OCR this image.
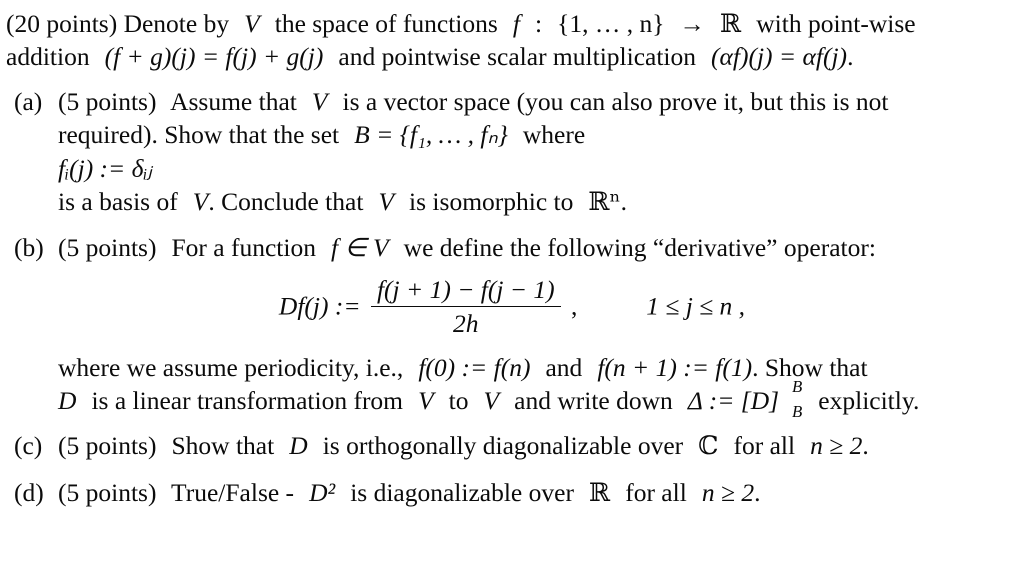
(20 points) Denote by V the space of functions f : {1, … , n} → ℝ with point-wise
addition (f + g)(j) = f(j) + g(j) and pointwise scalar multiplication (αf)(j) = αf(j).
(a) (5 points) Assume that V is a vector space (you can also prove it, but this is not
required). Show that the set B = {f₁, … , fₙ} where
fᵢ(j) := δᵢⱼ
is a basis of V. Conclude that V is isomorphic to ℝⁿ.
(b) (5 points) For a function f ∈ V we define the following “derivative” operator:
Df(j) := $\frac{f(j + 1) - f(j - 1)}{2h}$ ,	1 ≤ j ≤ n ,
where we assume periodicity, i.e., f(0) := f(n) and f(n + 1) := f(1). Show that
D is a linear transformation from V to V and write down Δ := [D] B
B explicitly.
(c) (5 points) Show that D is orthogonally diagonalizable over ℂ for all n ≥ 2.
(d) (5 points) True/False - D² is diagonalizable over ℝ for all n ≥ 2.
